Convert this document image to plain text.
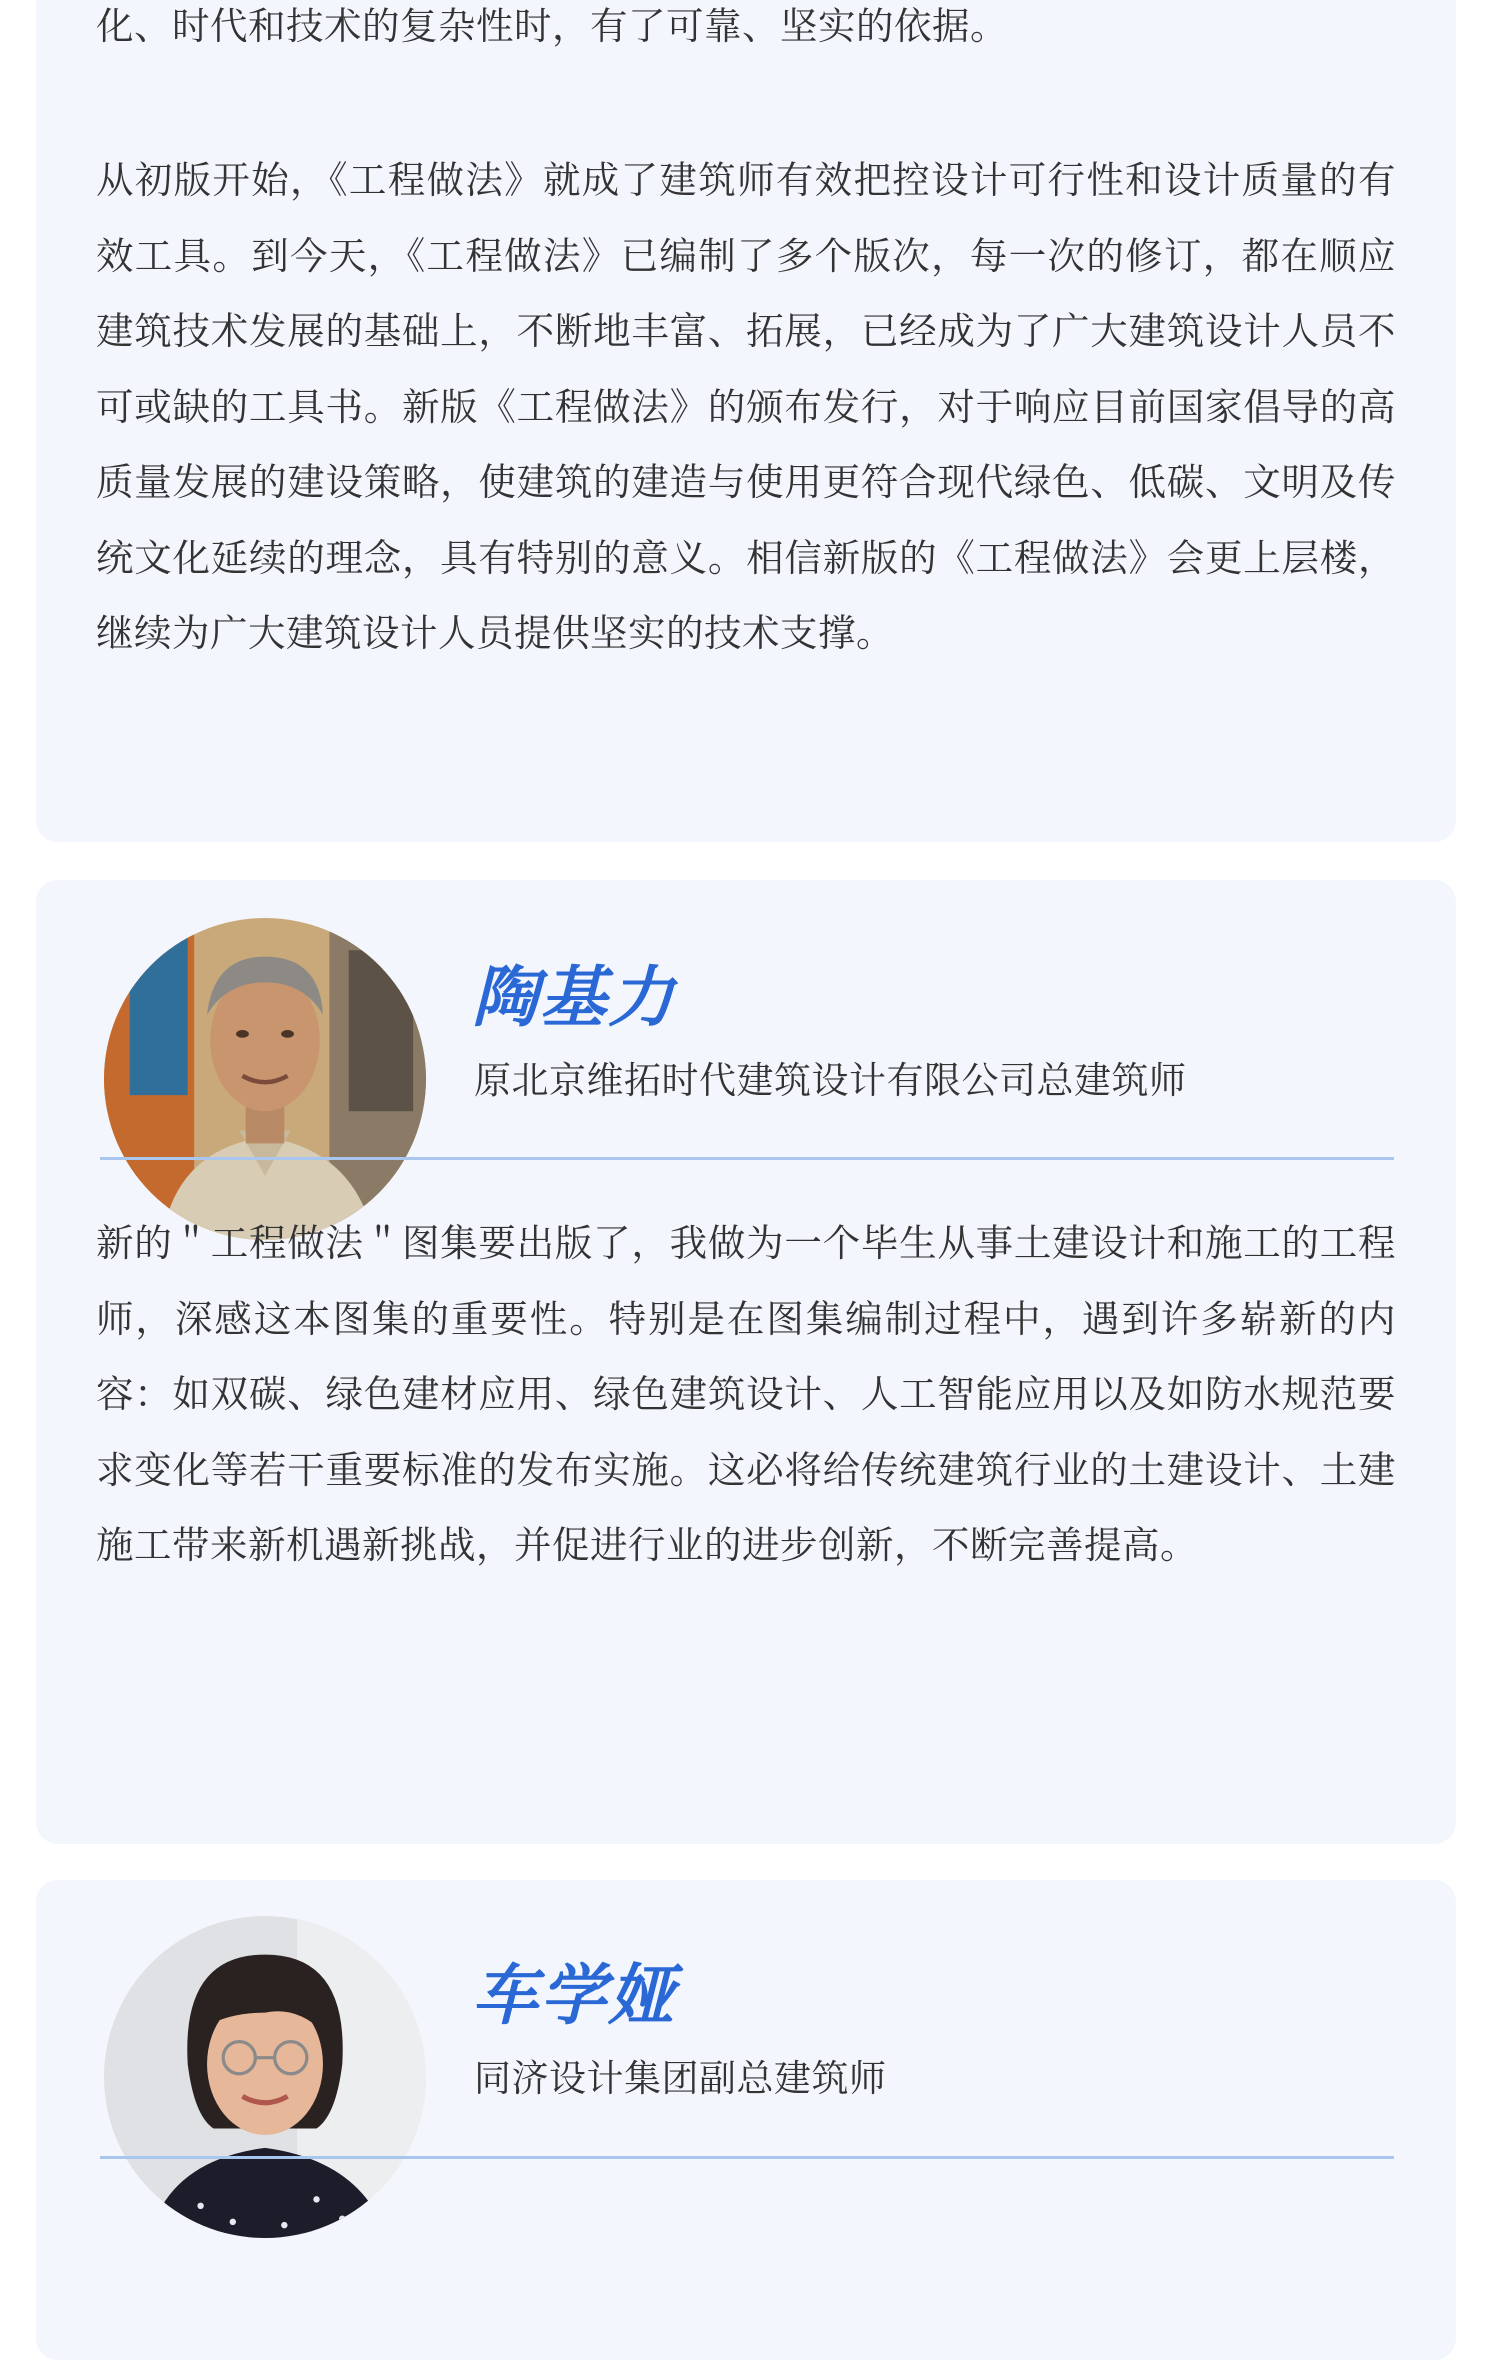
化、时代和技术的复杂性时，有了可靠、坚实的依据。

从初版开始，《工程做法》就成了建筑师有效把控设计可行性和设计质量的有效工具。到今天，《工程做法》已编制了多个版次，每一次的修订，都在顺应建筑技术发展的基础上，不断地丰富、拓展，已经成为了广大建筑设计人员不可或缺的工具书。新版《工程做法》的颁布发行，对于响应目前国家倡导的高质量发展的建设策略，使建筑的建造与使用更符合现代绿色、低碳、文明及传统文化延续的理念，具有特别的意义。相信新版的《工程做法》会更上层楼，继续为广大建筑设计人员提供坚实的技术支撑。

陶基力

原北京维拓时代建筑设计有限公司总建筑师

新的＂工程做法＂图集要出版了，我做为一个毕生从事土建设计和施工的工程师，深感这本图集的重要性。特别是在图集编制过程中，遇到许多崭新的内容：如双碳、绿色建材应用、绿色建筑设计、人工智能应用以及如防水规范要求变化等若干重要标准的发布实施。这必将给传统建筑行业的土建设计、土建施工带来新机遇新挑战，并促进行业的进步创新，不断完善提高。

车学娅

同济设计集团副总建筑师
